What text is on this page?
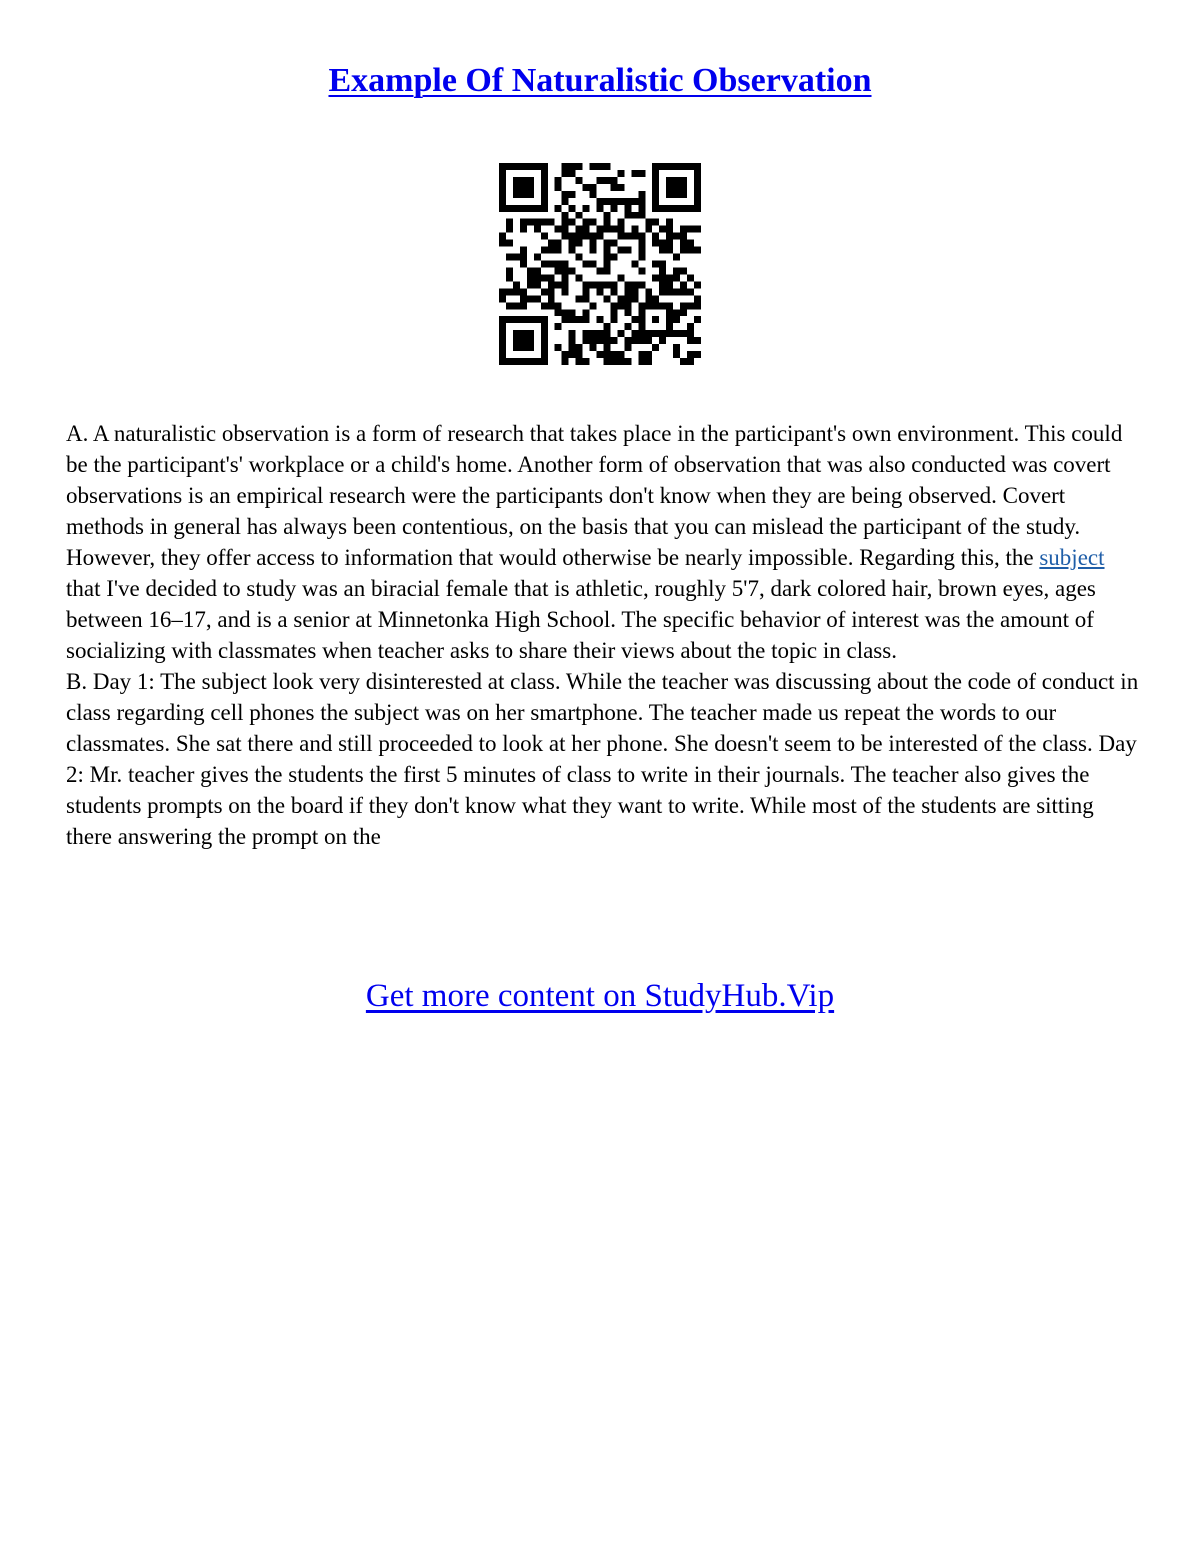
Example Of Naturalistic Observation

A. A naturalistic observation is a form of research that takes place in the participant's own environment. This could be the participant's' workplace or a child's home. Another form of observation that was also conducted was covert observations is an empirical research were the participants don't know when they are being observed. Covert methods in general has always been contentious, on the basis that you can mislead the participant of the study. However, they offer access to information that would otherwise be nearly impossible. Regarding this, the subject that I've decided to study was an biracial female that is athletic, roughly 5'7, dark colored hair, brown eyes, ages between 16–17, and is a senior at Minnetonka High School. The specific behavior of interest was the amount of socializing with classmates when teacher asks to share their views about the topic in class.

B. Day 1: The subject look very disinterested at class. While the teacher was discussing about the code of conduct in class regarding cell phones the subject was on her smartphone. The teacher made us repeat the words to our classmates. She sat there and still proceeded to look at her phone. She doesn't seem to be interested of the class. Day 2: Mr. teacher gives the students the first 5 minutes of class to write in their journals. The teacher also gives the students prompts on the board if they don't know what they want to write. While most of the students are sitting there answering the prompt on the

Get more content on StudyHub.Vip
